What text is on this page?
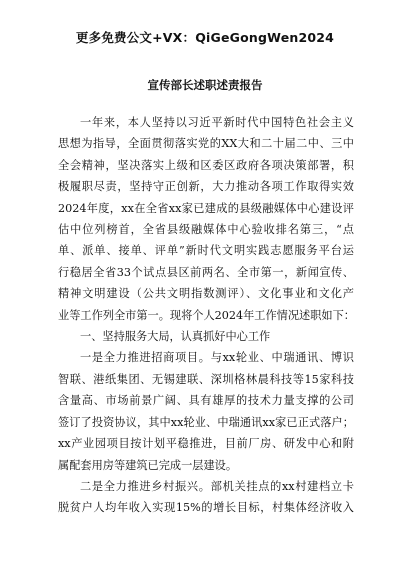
更多免费公文+VX：QiGeGongWen2024
宣传部长述职述责报告
一年来，本人坚持以习近平新时代中国特色社会主义
思想为指导，全面贯彻落实党的XX大和二十届二中、三中
全会精神，坚决落实上级和区委区政府各项决策部署，积
极履职尽责，坚持守正创新，大力推动各项工作取得实效
2024年度，xx在全省xx家已建成的县级融媒体中心建设评
估中位列榜首，全省县级融媒体中心验收排名第三，“点
单、派单、接单、评单”新时代文明实践志愿服务平台运
行稳居全省33个试点县区前两名、全市第一，新闻宣传、
精神文明建设（公共文明指数测评）、文化事业和文化产
业等工作列全市第一。现将个人2024年工作情况述职如下：
一、坚持服务大局，认真抓好中心工作
一是全力推进招商项目。与xx轮业、中瑞通讯、博识
智联、港纸集团、无锡建联、深圳格林晨科技等15家科技
含量高、市场前景广阔、具有雄厚的技术力量支撑的公司
签订了投资协议，其中xx轮业、中瑞通讯xx家已正式落户；
xx产业园项目按计划平稳推进，目前厂房、研发中心和附
属配套用房等建筑已完成一层建设。
二是全力推进乡村振兴。部机关挂点的xx村建档立卡
脱贫户人均年收入实现15%的增长目标，村集体经济收入
